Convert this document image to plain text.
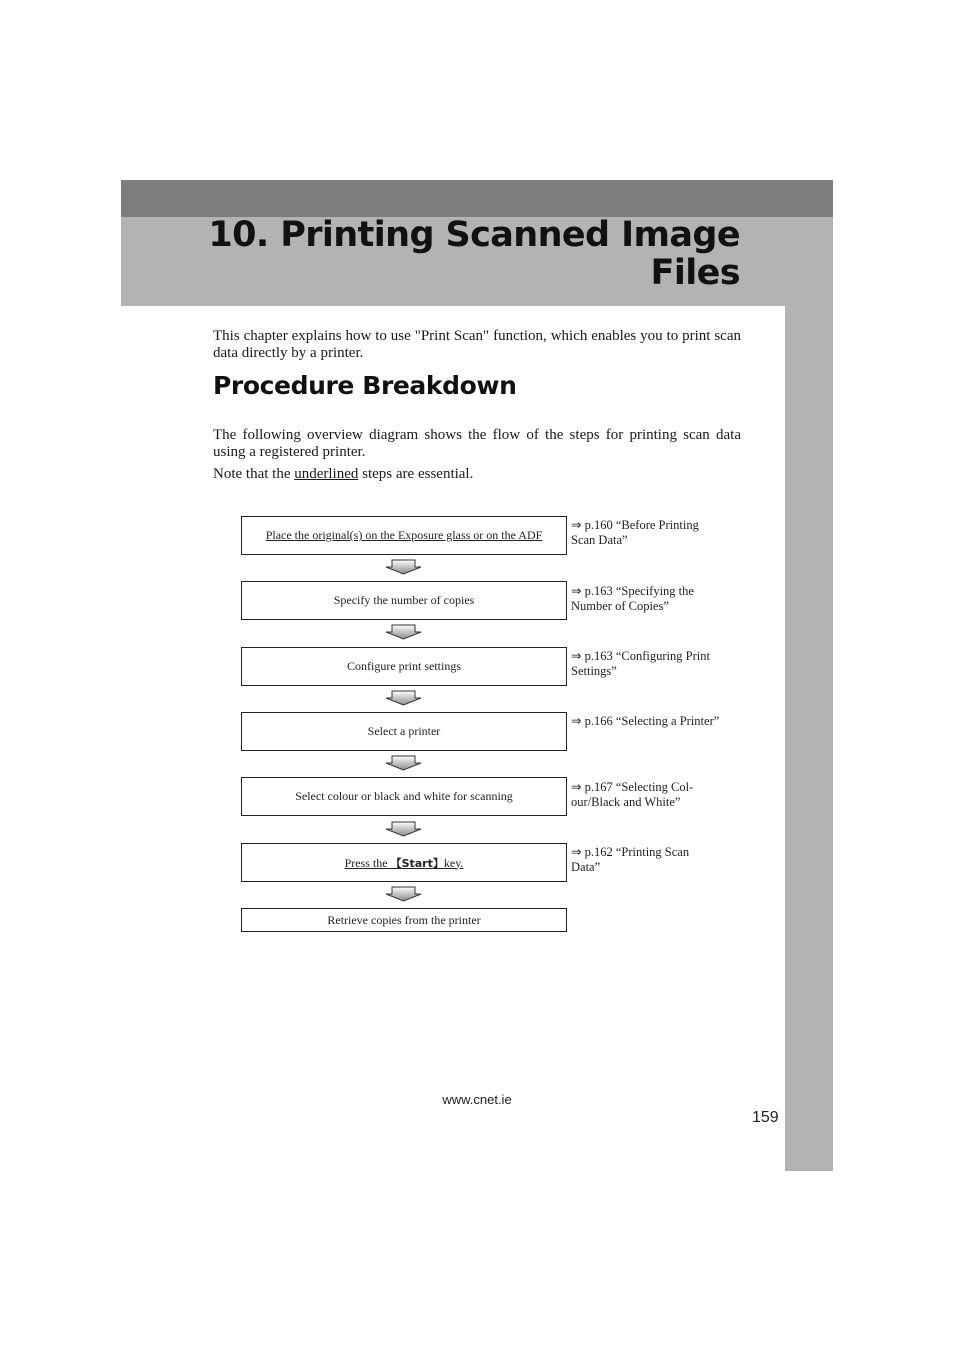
10. Printing Scanned Image
Files

This chapter explains how to use "Print Scan" function, which enables you to print scan data directly by a printer.

Procedure Breakdown

The following overview diagram shows the flow of the steps for printing scan data using a registered printer.

Note that the underlined steps are essential.

Place the original(s) on the Exposure glass or on the ADF
⇒ p.160 “Before Printing Scan Data”
Specify the number of copies
⇒ p.163 “Specifying the Number of Copies”
Configure print settings
⇒ p.163 “Configuring Print Settings”
Select a printer
⇒ p.166 “Selecting a Printer”
Select colour or black and white for scanning
⇒ p.167 “Selecting Col-our/Black and White”
Press the 【Start】key.
⇒ p.162 “Printing Scan Data”
Retrieve copies from the printer
www.cnet.ie
159
